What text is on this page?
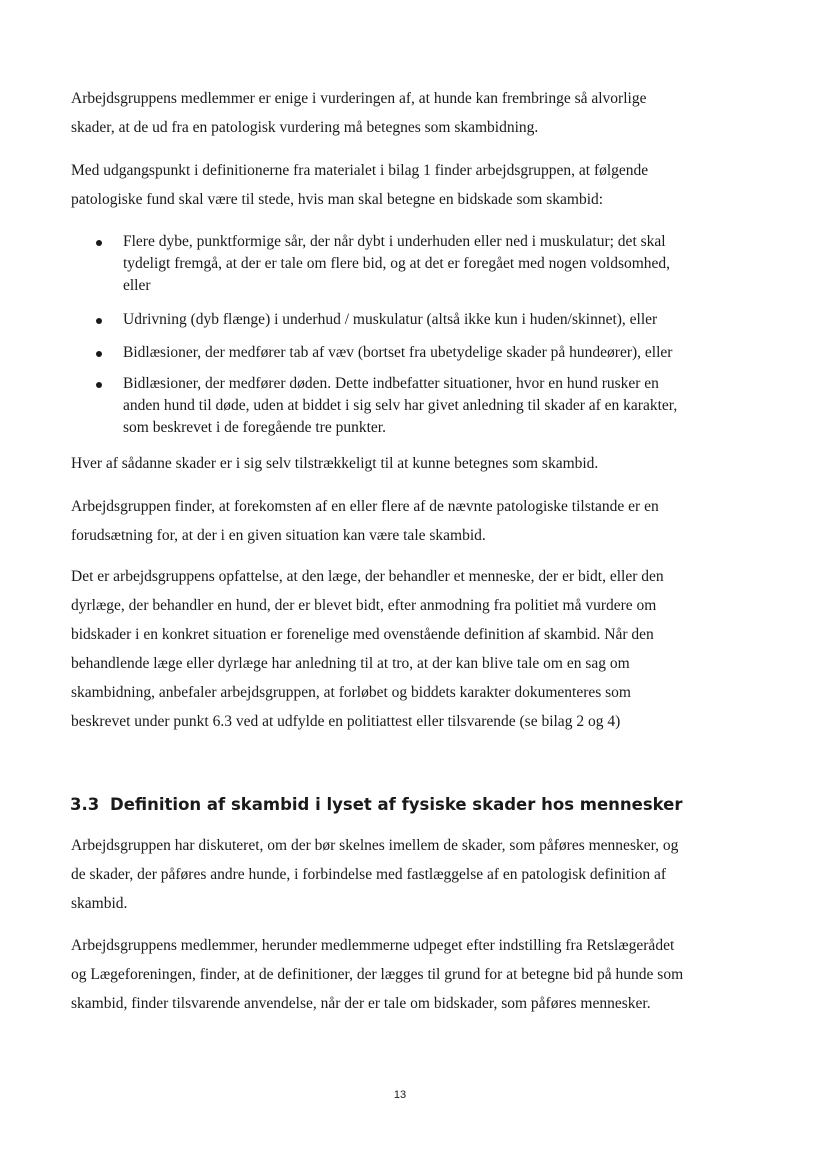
Arbejdsgruppens medlemmer er enige i vurderingen af, at hunde kan frembringe så alvorlige
skader, at de ud fra en patologisk vurdering må betegnes som skambidning.
Med udgangspunkt i definitionerne fra materialet i bilag 1 finder arbejdsgruppen, at følgende
patologiske fund skal være til stede, hvis man skal betegne en bidskade som skambid:
Flere dybe, punktformige sår, der når dybt i underhuden eller ned i muskulatur; det skal
tydeligt fremgå, at der er tale om flere bid, og at det er foregået med nogen voldsomhed,
eller
Udrivning (dyb flænge) i underhud / muskulatur (altså ikke kun i huden/skinnet), eller
Bidlæsioner, der medfører tab af væv (bortset fra ubetydelige skader på hundeører), eller
Bidlæsioner, der medfører døden. Dette indbefatter situationer, hvor en hund rusker en
anden hund til døde, uden at biddet i sig selv har givet anledning til skader af en karakter,
som beskrevet i de foregående tre punkter.
Hver af sådanne skader er i sig selv tilstrækkeligt til at kunne betegnes som skambid.
Arbejdsgruppen finder, at forekomsten af en eller flere af de nævnte patologiske tilstande er en
forudsætning for, at der i en given situation kan være tale skambid.
Det er arbejdsgruppens opfattelse, at den læge, der behandler et menneske, der er bidt, eller den
dyrlæge, der behandler en hund, der er blevet bidt, efter anmodning fra politiet må vurdere om
bidskader i en konkret situation er forenelige med ovenstående definition af skambid. Når den
behandlende læge eller dyrlæge har anledning til at tro, at der kan blive tale om en sag om
skambidning, anbefaler arbejdsgruppen, at forløbet og biddets karakter dokumenteres som
beskrevet under punkt 6.3 ved at udfylde en politiattest eller tilsvarende (se bilag 2 og 4)
3.3 Definition af skambid i lyset af fysiske skader hos mennesker
Arbejdsgruppen har diskuteret, om der bør skelnes imellem de skader, som påføres mennesker, og
de skader, der påføres andre hunde, i forbindelse med fastlæggelse af en patologisk definition af
skambid.
Arbejdsgruppens medlemmer, herunder medlemmerne udpeget efter indstilling fra Retslægerådet
og Lægeforeningen, finder, at de definitioner, der lægges til grund for at betegne bid på hunde som
skambid, finder tilsvarende anvendelse, når der er tale om bidskader, som påføres mennesker.
13
